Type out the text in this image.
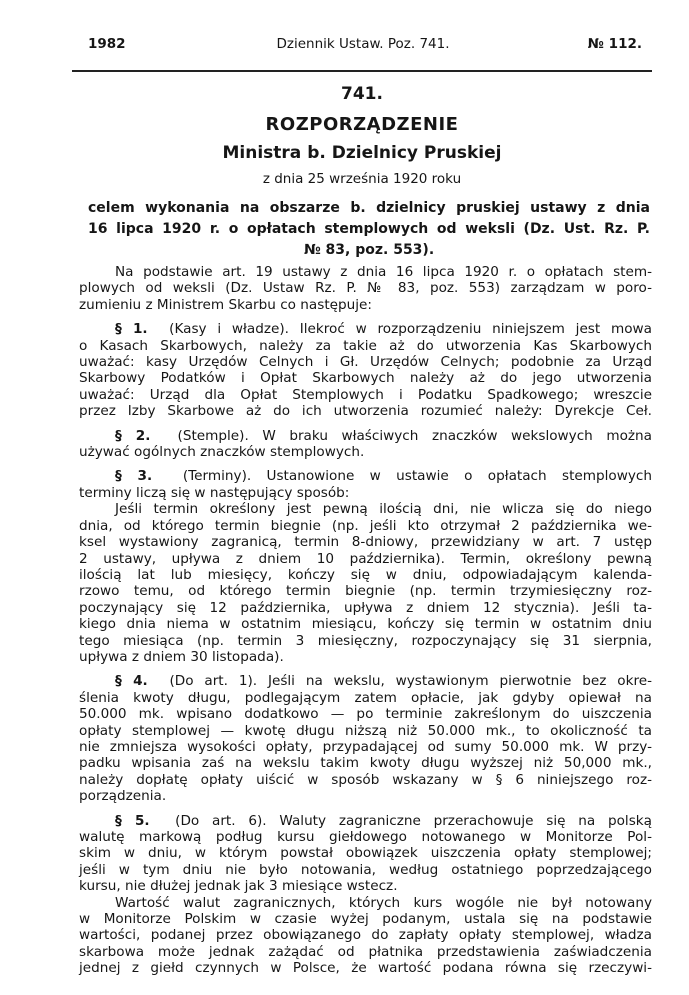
1982	Dziennik Ustaw. Poz. 741.	№ 112.
741.
ROZPORZĄDZENIE
Ministra b. Dzielnicy Pruskiej
z dnia 25 września 1920 roku
celem wykonania na obszarze b. dzielnicy pruskiej ustawy z dnia
16 lipca 1920 r. o opłatach stemplowych od weksli (Dz. Ust. Rz. P.
№ 83, poz. 553).
Na podstawie art. 19 ustawy z dnia 16 lipca 1920 r. o opłatach stem-
plowych od weksli (Dz. Ustaw Rz. P. № 83, poz. 553) zarządzam w poro-
zumieniu z Ministrem Skarbu co następuje:
§ 1. (Kasy i władze). Ilekroć w rozporządzeniu niniejszem jest mowa
o Kasach Skarbowych, należy za takie aż do utworzenia Kas Skarbowych
uważać: kasy Urzędów Celnych i Gł. Urzędów Celnych; podobnie za Urząd
Skarbowy Podatków i Opłat Skarbowych należy aż do jego utworzenia
uważać: Urząd dla Opłat Stemplowych i Podatku Spadkowego; wreszcie
przez Izby Skarbowe aż do ich utworzenia rozumieć należy: Dyrekcje Ceł.
§ 2. (Stemple). W braku właściwych znaczków wekslowych można
używać ogólnych znaczków stemplowych.
§ 3. (Terminy). Ustanowione w ustawie o opłatach stemplowych
terminy liczą się w następujący sposób:
Jeśli termin określony jest pewną ilością dni, nie wlicza się do niego
dnia, od którego termin biegnie (np. jeśli kto otrzymał 2 października we-
ksel wystawiony zagranicą, termin 8-dniowy, przewidziany w art. 7 ustęp
2 ustawy, upływa z dniem 10 października). Termin, określony pewną
ilością lat lub miesięcy, kończy się w dniu, odpowiadającym kalenda-
rzowo temu, od którego termin biegnie (np. termin trzymiesięczny roz-
poczynający się 12 października, upływa z dniem 12 stycznia). Jeśli ta-
kiego dnia niema w ostatnim miesiącu, kończy się termin w ostatnim dniu
tego miesiąca (np. termin 3 miesięczny, rozpoczynający się 31 sierpnia,
upływa z dniem 30 listopada).
§ 4. (Do art. 1). Jeśli na wekslu, wystawionym pierwotnie bez okre-
ślenia kwoty długu, podlegającym zatem opłacie, jak gdyby opiewał na
50.000 mk. wpisano dodatkowo — po terminie zakreślonym do uiszczenia
opłaty stemplowej — kwotę długu niższą niż 50.000 mk., to okoliczność ta
nie zmniejsza wysokości opłaty, przypadającej od sumy 50.000 mk. W przy-
padku wpisania zaś na wekslu takim kwoty długu wyższej niż 50,000 mk.,
należy dopłatę opłaty uiścić w sposób wskazany w § 6 niniejszego roz-
porządzenia.
§ 5. (Do art. 6). Waluty zagraniczne przerachowuje się na polską
walutę markową podług kursu giełdowego notowanego w Monitorze Pol-
skim w dniu, w którym powstał obowiązek uiszczenia opłaty stemplowej;
jeśli w tym dniu nie było notowania, według ostatniego poprzedzającego
kursu, nie dłużej jednak jak 3 miesiące wstecz.
Wartość walut zagranicznych, których kurs wogóle nie był notowany
w Monitorze Polskim w czasie wyżej podanym, ustala się na podstawie
wartości, podanej przez obowiązanego do zapłaty opłaty stemplowej, władza
skarbowa może jednak zażądać od płatnika przedstawienia zaświadczenia
jednej z giełd czynnych w Polsce, że wartość podana równa się rzeczywi-
